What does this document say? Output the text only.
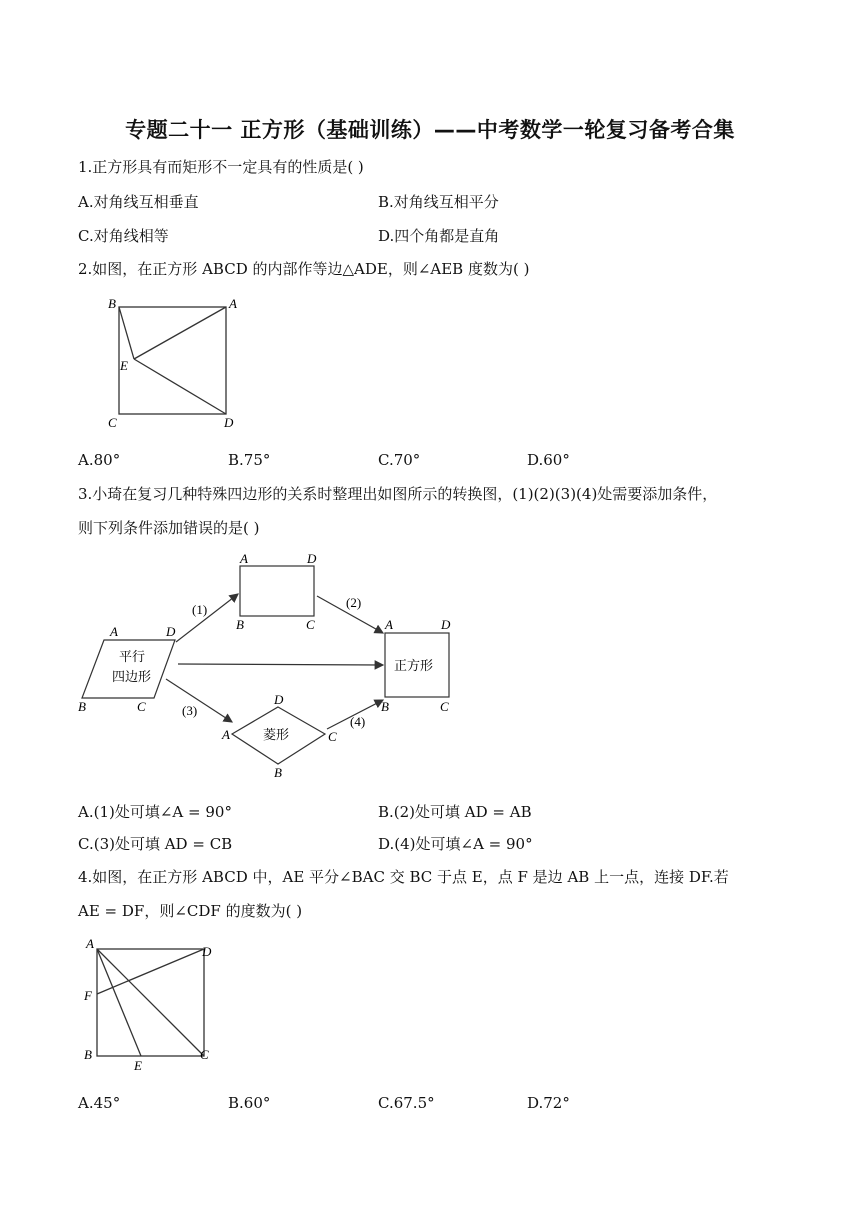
专题二十一 正方形（基础训练）——中考数学一轮复习备考合集
1.正方形具有而矩形不一定具有的性质是( )
A.对角线互相垂直	B.对角线互相平分
C.对角线相等	D.四个角都是直角
2.如图，在正方形 ABCD 的内部作等边△ADE，则∠AEB 度数为( )
B	A
E
C	D
A.80°	B.75°	C.70°	D.60°
3.小琦在复习几种特殊四边形的关系时整理出如图所示的转换图，(1)(2)(3)(4)处需要添加条件，
则下列条件添加错误的是( )
平行
四边形
A	D
B	C
A	D
B	C
正方形
A	D
B	C
菱形
D
A	C
B
(1)	(2)
(3)
(4)
A.(1)处可填∠A = 90°	B.(2)处可填 AD = AB
C.(3)处可填 AD = CB	D.(4)处可填∠A = 90°
4.如图，在正方形 ABCD 中，AE 平分∠BAC 交 BC 于点 E，点 F 是边 AB 上一点，连接 DF.若
AE = DF，则∠CDF 的度数为( )
A
D
F
B
E
C
A.45°	B.60°	C.67.5°	D.72°
